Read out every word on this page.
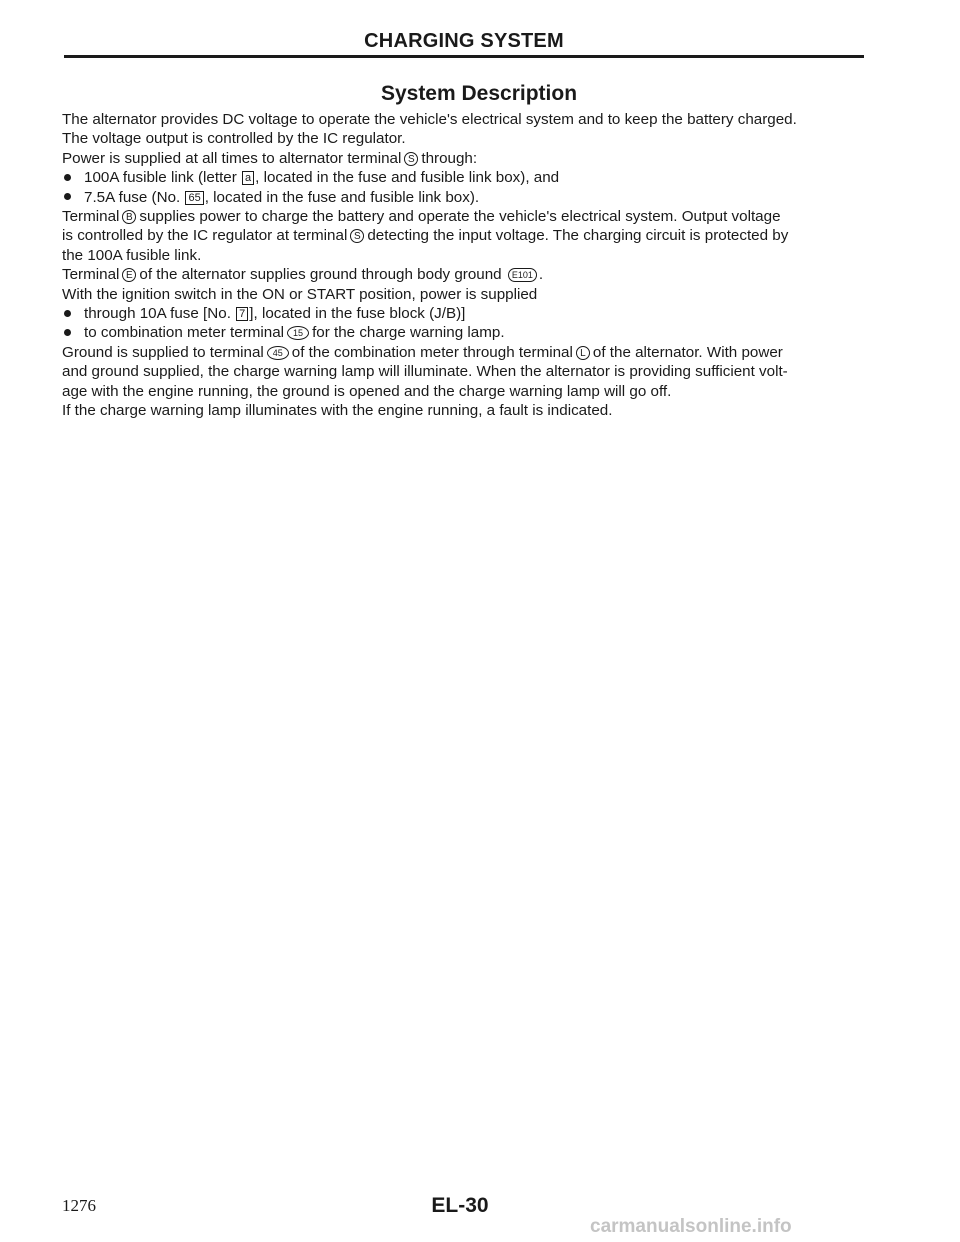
CHARGING SYSTEM
System Description
The alternator provides DC voltage to operate the vehicle's electrical system and to keep the battery charged.
The voltage output is controlled by the IC regulator.
Power is supplied at all times to alternator terminal S through:
100A fusible link (letter a , located in the fuse and fusible link box), and
7.5A fuse (No. 65 , located in the fuse and fusible link box).
Terminal B supplies power to charge the battery and operate the vehicle's electrical system. Output voltage
is controlled by the IC regulator at terminal S detecting the input voltage. The charging circuit is protected by
the 100A fusible link.
Terminal E of the alternator supplies ground through body ground E101 .
With the ignition switch in the ON or START position, power is supplied
through 10A fuse [No. 7 ], located in the fuse block (J/B)]
to combination meter terminal 15 for the charge warning lamp.
Ground is supplied to terminal 45 of the combination meter through terminal L of the alternator. With power
and ground supplied, the charge warning lamp will illuminate. When the alternator is providing sufficient volt-
age with the engine running, the ground is opened and the charge warning lamp will go off.
If the charge warning lamp illuminates with the engine running, a fault is indicated.
1276	EL-30
carmanualsonline.info
